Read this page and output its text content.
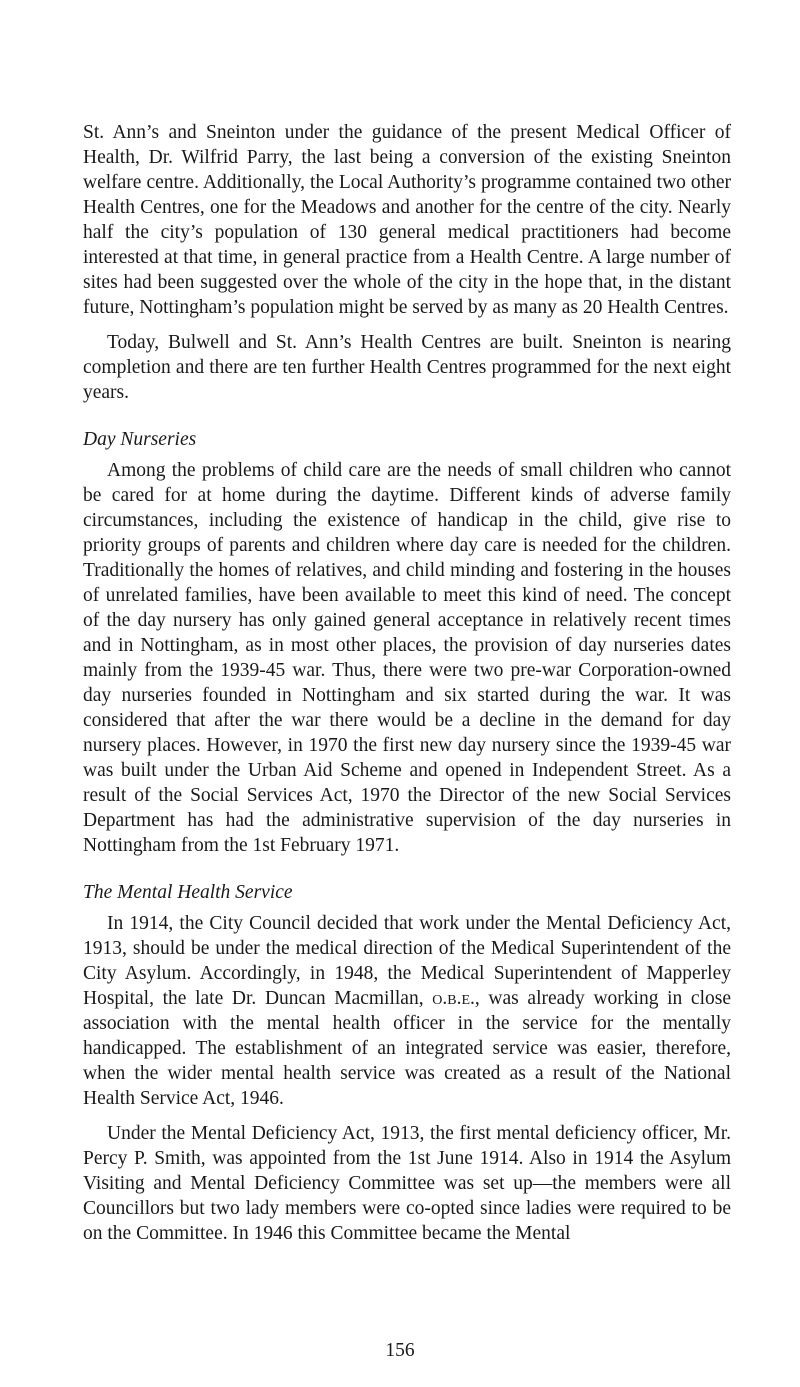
St. Ann’s and Sneinton under the guidance of the present Medical Officer of Health, Dr. Wilfrid Parry, the last being a conversion of the existing Sneinton welfare centre. Additionally, the Local Authority’s programme contained two other Health Centres, one for the Meadows and another for the centre of the city. Nearly half the city’s population of 130 general medical practitioners had become interested at that time, in general practice from a Health Centre. A large number of sites had been suggested over the whole of the city in the hope that, in the distant future, Nottingham’s population might be served by as many as 20 Health Centres.

Today, Bulwell and St. Ann’s Health Centres are built. Sneinton is nearing completion and there are ten further Health Centres programmed for the next eight years.

Day Nurseries

Among the problems of child care are the needs of small children who cannot be cared for at home during the daytime. Different kinds of adverse family circumstances, including the existence of handicap in the child, give rise to priority groups of parents and children where day care is needed for the children. Traditionally the homes of relatives, and child minding and fostering in the houses of unrelated families, have been available to meet this kind of need. The concept of the day nursery has only gained general acceptance in relatively recent times and in Nottingham, as in most other places, the provision of day nurseries dates mainly from the 1939-45 war. Thus, there were two pre-war Corporation-owned day nurseries founded in Nottingham and six started during the war. It was considered that after the war there would be a decline in the demand for day nursery places. However, in 1970 the first new day nursery since the 1939-45 war was built under the Urban Aid Scheme and opened in Independent Street. As a result of the Social Services Act, 1970 the Director of the new Social Services Department has had the administrative supervision of the day nurseries in Nottingham from the 1st February 1971.

The Mental Health Service

In 1914, the City Council decided that work under the Mental Deficiency Act, 1913, should be under the medical direction of the Medical Superintendent of the City Asylum. Accordingly, in 1948, the Medical Superintendent of Mapperley Hospital, the late Dr. Duncan Macmillan, o.b.e., was already working in close association with the mental health officer in the service for the mentally handicapped. The establishment of an integrated service was easier, therefore, when the wider mental health service was created as a result of the National Health Service Act, 1946.

Under the Mental Deficiency Act, 1913, the first mental deficiency officer, Mr. Percy P. Smith, was appointed from the 1st June 1914. Also in 1914 the Asylum Visiting and Mental Deficiency Committee was set up—the members were all Councillors but two lady members were co-opted since ladies were required to be on the Committee. In 1946 this Committee became the Mental

156
